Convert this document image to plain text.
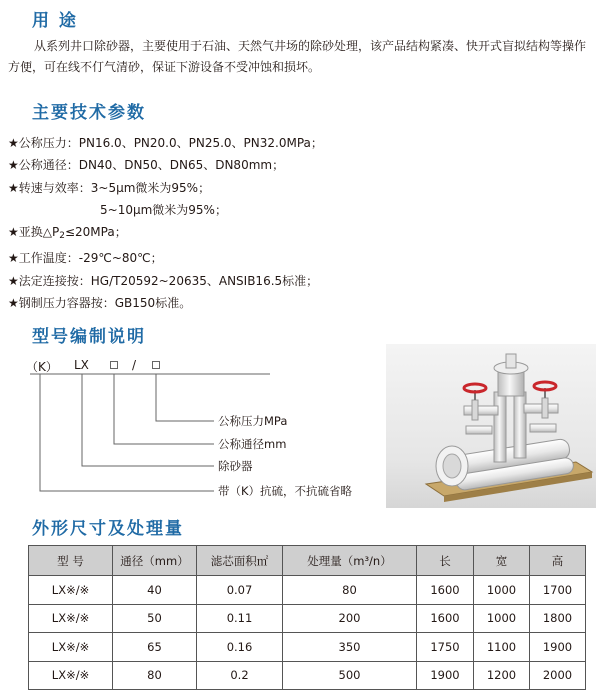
用 途

从系列井口除砂器，主要使用于石油、天然气井场的除砂处理，该产品结构紧凑、快开式盲拟结构等操作方便，可在线不仃气清砂，保证下游设备不受冲蚀和损坏。

主要技术参数
★公称压力：PN16.0、PN20.0、PN25.0、PN32.0MPa；
★公称通径：DN40、DN50、DN65、DN80mm；
★转速与效率：3~5μm微米为95%；
5~10μm微米为95%；
★亚换$\triangle P_2\le 20MPa$；
★工作温度：-29℃~80℃；
★法定连接按：HG/T20592~20635、ANSIB16.5标准；
★钢制压力容器按：GB150标准。
型号编制说明
（K） LX	/
公称压力MPa
公称通径mm
除砂器
带（K）抗硫，不抗硫省略
外形尺寸及处理量
型 号	通径（mm）	滤芯面积㎡	处理量（m³/n）	长	宽	高
LX※/※	40	0.07	80	1600	1000	1700
LX※/※	50	0.11	200	1600	1000	1800
LX※/※	65	0.16	350	1750	1100	1900
LX※/※	80	0.2	500	1900	1200	2000
